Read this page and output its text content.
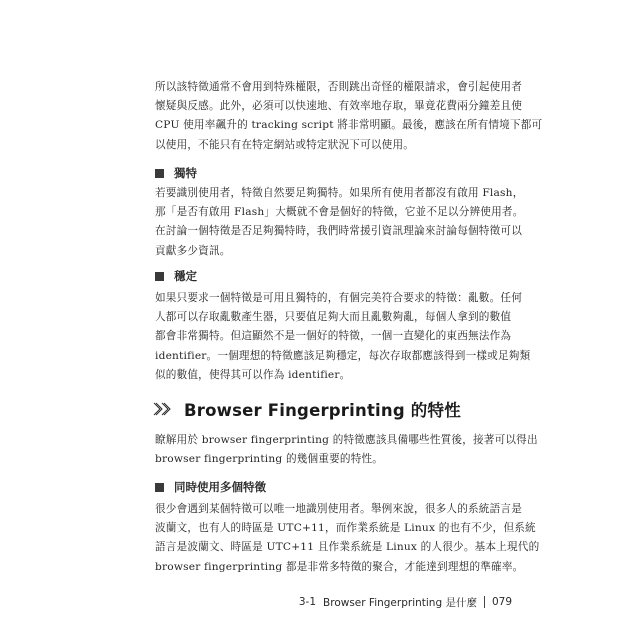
所以該特徵通常不會用到特殊權限，否則跳出奇怪的權限請求，會引起使用者
懷疑與反感。此外，必須可以快速地、有效率地存取，畢竟花費兩分鐘差且使
CPU 使用率飆升的 tracking script 將非常明顯。最後，應該在所有情境下都可
以使用，不能只有在特定網站或特定狀況下可以使用。

獨特

若要識別使用者，特徵自然要足夠獨特。如果所有使用者都沒有啟用 Flash，
那「是否有啟用 Flash」大概就不會是個好的特徵，它並不足以分辨使用者。
在討論一個特徵是否足夠獨特時，我們時常援引資訊理論來討論每個特徵可以
貢獻多少資訊。

穩定

如果只要求一個特徵是可用且獨特的，有個完美符合要求的特徵：亂數。任何
人都可以存取亂數產生器，只要值足夠大而且亂數夠亂，每個人拿到的數值
都會非常獨特。但這顯然不是一個好的特徵，一個一直變化的東西無法作為
identifier。一個理想的特徵應該足夠穩定，每次存取都應該得到一樣或足夠類
似的數值，使得其可以作為 identifier。

Browser Fingerprinting 的特性

瞭解用於 browser fingerprinting 的特徵應該具備哪些性質後，接著可以得出
browser fingerprinting 的幾個重要的特性。

同時使用多個特徵

很少會遇到某個特徵可以唯一地識別使用者。舉例來說，很多人的系統語言是
波蘭文，也有人的時區是 UTC+11，而作業系統是 Linux 的也有不少，但系統
語言是波蘭文、時區是 UTC+11 且作業系統是 Linux 的人很少。基本上現代的
browser fingerprinting 都是非常多特徵的聚合，才能達到理想的準確率。

3-1 Browser Fingerprinting 是什麼 079
